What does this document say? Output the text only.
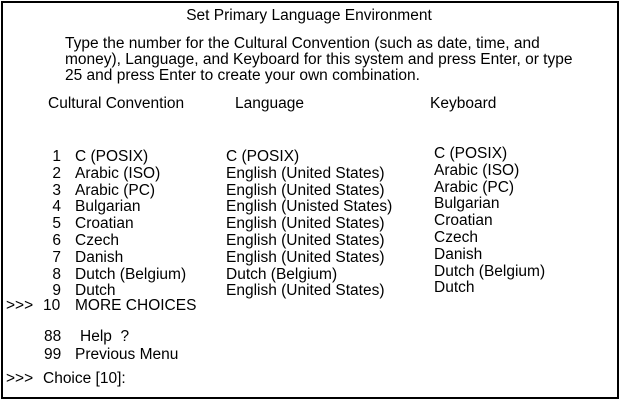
Set Primary Language Environment
Type the number for the Cultural Convention (such as date, time, and
money), Language, and Keyboard for this system and press Enter, or type
25 and press Enter to create your own combination.
Cultural Convention	Language	Keyboard
1
2
3
4
5
6
7
8
9
C (POSIX)
Arabic (ISO)
Arabic (PC)
Bulgarian
Croatian
Czech
Danish
Dutch (Belgium)
Dutch
C (POSIX)
English (United States)
English (United States)
English (Unisted States)
English (United States)
English (United States)
English (United States)
Dutch (Belgium)
English (United States)
C (POSIX)
Arabic (ISO)
Arabic (PC)
Bulgarian
Croatian
Czech
Danish
Dutch (Belgium)
Dutch
>>> 10 MORE CHOICES
88 Help  ?
99 Previous Menu
>>> Choice [10]:
